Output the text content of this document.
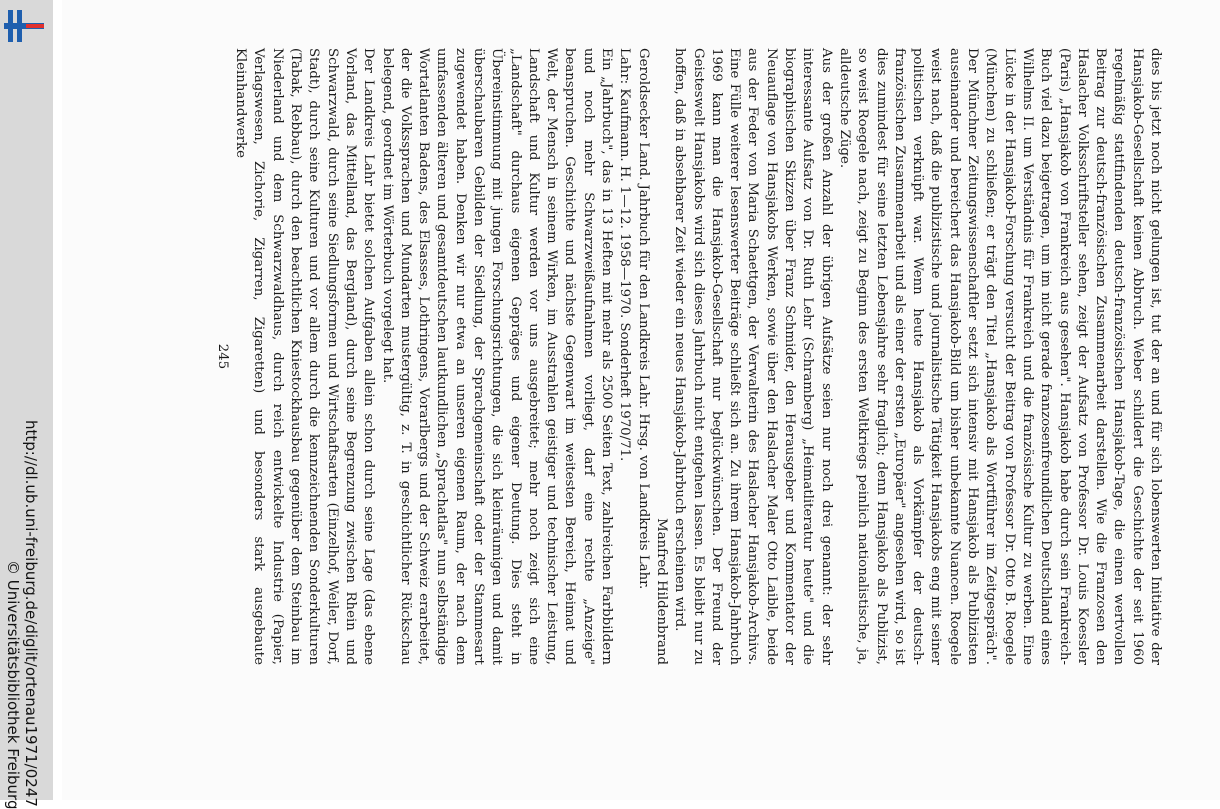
http://dl.ub.uni-freiburg.de/diglit/ortenau1971/0247
© Universitätsbibliothek Freiburg

dies bis jetzt noch nicht gelungen ist, tut der an und für sich lobenswerten Initiative der Hansjakob-Gesellschaft keinen Abbruch. Weber schildert die Geschichte der seit 1960 regelmäßig stattfindenden deutsch-französischen Hansjakob-Tage, die einen wertvollen Beitrag zur deutsch-französischen Zusammenarbeit darstellen. Wie die Franzosen den Haslacher Volksschriftsteller sehen, zeigt der Aufsatz von Professor Dr. Louis Koessler (Paris) „Hansjakob von Frankreich aus gesehen". Hansjakob habe durch sein Frankreich-Buch viel dazu beigetragen, um im nicht gerade franzosenfreundlichen Deutschland eines Wilhelms II. um Verständnis für Frankreich und die französische Kultur zu werben. Eine Lücke in der Hansjakob-Forschung versucht der Beitrag von Professor Dr. Otto B. Roegele (München) zu schließen; er trägt den Titel „Hansjakob als Wortführer im Zeitgespräch". Der Münchner Zeitungswissenschaftler setzt sich intensiv mit Hansjakob als Publizisten auseinander und bereichert das Hansjakob-Bild um bisher unbekannte Nuancen. Roegele weist nach, daß die publizistische und journalistische Tätigkeit Hansjakobs eng mit seiner politischen verknüpft war. Wenn heute Hansjakob als Vorkämpfer der deutsch-französischen Zusammenarbeit und als einer der ersten „Europäer" angesehen wird, so ist dies zumindest für seine letzten Lebensjahre sehr fraglich; denn Hansjakob als Publizist, so weist Roegele nach, zeigt zu Beginn des ersten Weltkriegs peinlich nationalistische, ja, alldeutsche Züge.

Aus der großen Anzahl der übrigen Aufsätze seien nur noch drei genannt: der sehr interessante Aufsatz von Dr. Ruth Lehr (Schramberg) „Heimatliteratur heute" und die biographischen Skizzen über Franz Schmider, den Herausgeber und Kommentator der Neuauflage von Hansjakobs Werken, sowie über den Haslacher Maler Otto Laible, beide aus der Feder von Maria Schaettgen, der Verwalterin des Haslacher Hansjakob-Archivs. Eine Fülle weiterer lesenswerter Beiträge schließt sich an. Zu ihrem Hansjakob-Jahrbuch 1969 kann man die Hansjakob-Gesellschaft nur beglückwünschen. Der Freund der Geisteswelt Hansjakobs wird sich dieses Jahrbuch nicht entgehen lassen. Es bleibt nur zu hoffen, daß in absehbarer Zeit wieder ein neues Hansjakob-Jahrbuch erscheinen wird.

Manfred Hildenbrand

Geroldsecker Land. Jahrbuch für den Landkreis Lahr. Hrsg. von Landkreis Lahr.

Lahr: Kaufmann. H. 1—12. 1958—1970. Sonderheft 1970/71.

Ein „Jahrbuch", das in 13 Heften mit mehr als 2500 Seiten Text, zahlreichen Farbbildern und noch mehr Schwarzweißaufnahmen vorliegt, darf eine rechte „Anzeige" beanspruchen. Geschichte und nächste Gegenwart im weitesten Bereich, Heimat und Welt, der Mensch in seinem Wirken, im Ausstrahlen geistiger und technischer Leistung, Landschaft und Kultur werden vor uns ausgebreitet; mehr noch zeigt sich eine „Landschaft" durchaus eigenen Gepräges und eigener Deutung. Dies steht in Übereinstimmung mit jungen Forschungsrichtungen, die sich kleinräumigen und damit überschaubaren Gebilden der Siedlung, der Sprachgemeinschaft oder der Stammesart zugewendet haben. Denken wir nur etwa an unseren eigenen Raum, der nach dem umfassenden älteren und gesamtdeutschen lautkundlichen „Sprachatlas" nun selbständige Wortatlanten Badens, des Elsasses, Lothringens, Vorarlbergs und der Schweiz erarbeitet, der die Volkssprachen und Mundarten mustergültig, z. T. in geschichtlicher Rückschau belegend, geordnet im Wörterbuch vorgelegt hat.

Der Landkreis Lahr bietet solchen Aufgaben allein schon durch seine Lage (das ebene Vorland, das Mittelland, das Bergland), durch seine Begrenzung zwischen Rhein und Schwarzwald, durch seine Siedlungsformen und Wirtschaftsarten (Einzelhof, Weiler, Dorf, Stadt), durch seine Kulturen und vor allem durch die kennzeichnenden Sonderkulturen (Tabak, Rebbau), durch den beachtlichen Kniestockhausbau gegenüber dem Steinbau im Niederland und dem Schwarzwaldhaus, durch reich entwickelte Industrie (Papier, Verlagswesen, Zichorie, Zigarren, Zigaretten) und besonders stark ausgebaute Kleinhandwerke

245
